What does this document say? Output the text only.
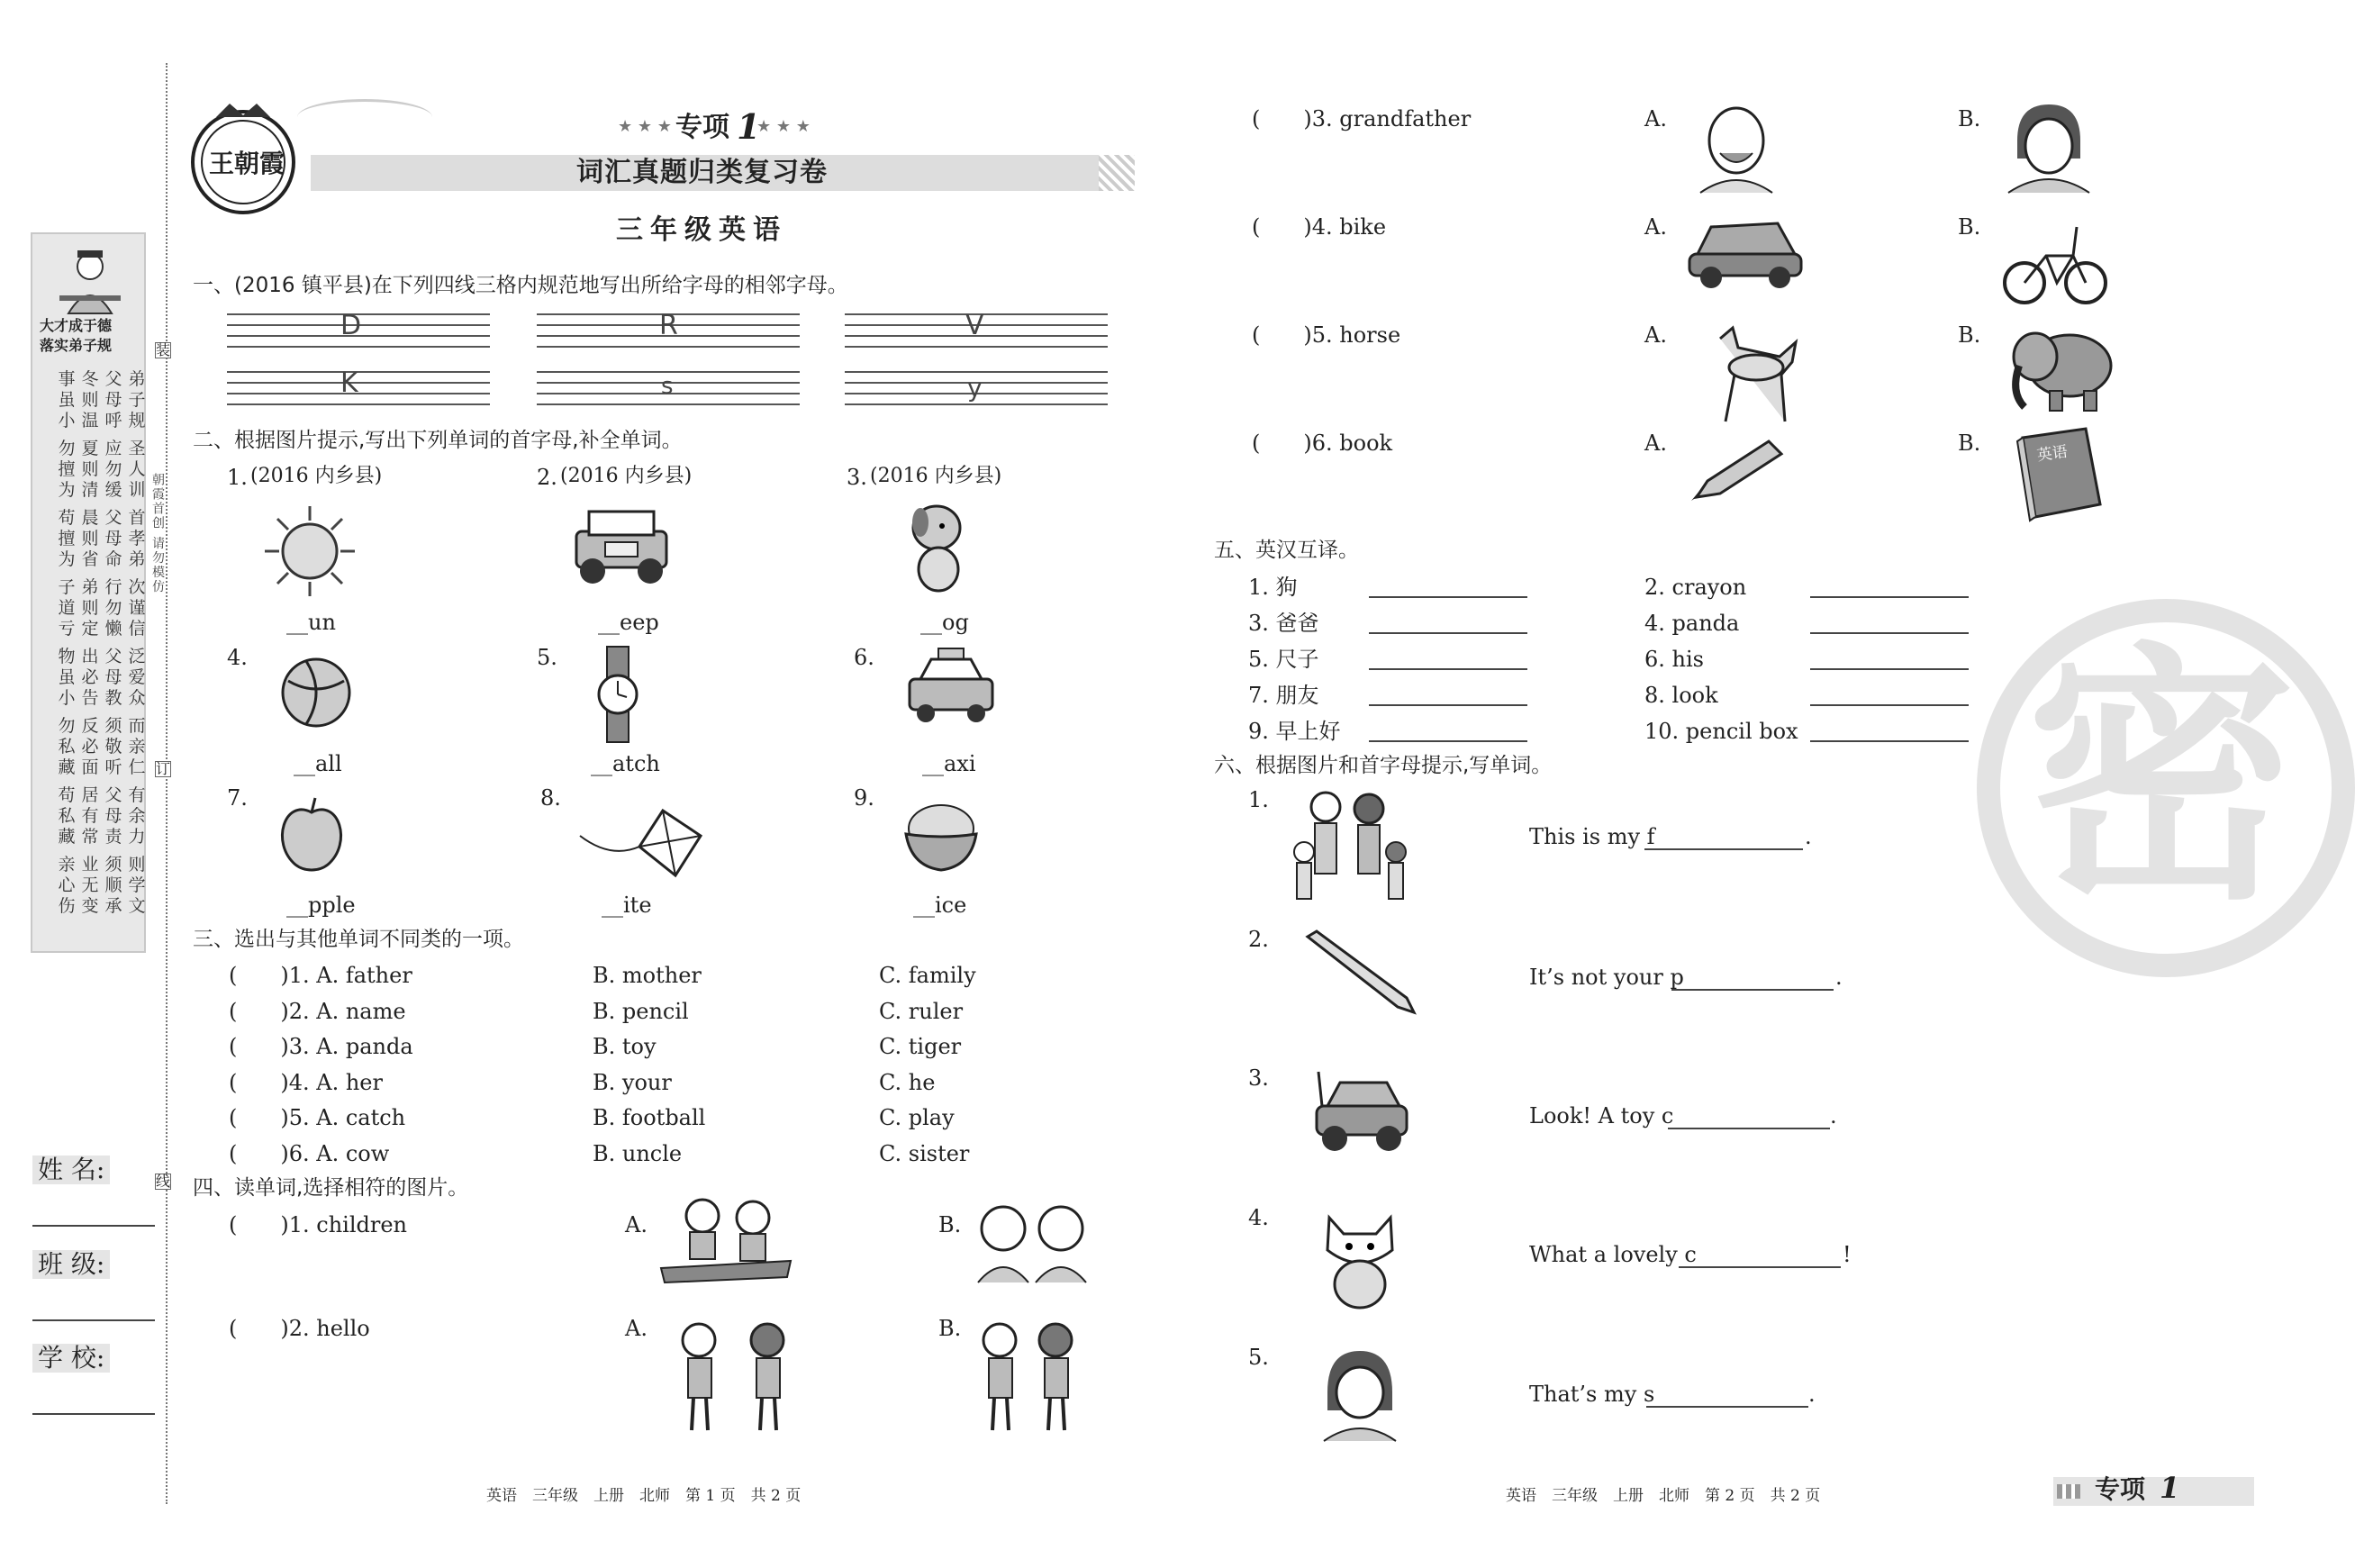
大才成于德
落实弟子规
事
虽
小
勿
擅
为
苟
擅
为
子
道
亏
物
虽
小
勿
私
藏
苟
私
藏
亲
心
伤
冬
则
温
夏
则
清
晨
则
省
弟
则
定
出
必
告
反
必
面
居
有
常
业
无
变
父
母
呼
应
勿
缓
父
母
命
行
勿
懒
父
母
教
须
敬
听
父
母
责
须
顺
承
弟
子
规
圣
人
训
首
孝
弟
次
谨
信
泛
爱
众
而
亲
仁
有
余
力
则
学
文
朝霞首创 请勿模仿
装
订
线
姓 名:
班 级:
学 校:
王朝霞
★ ★ ★ 专项 1
★ ★ ★
词汇真题归类复习卷
三年级英语
一、(2016 镇平县)在下列四线三格内规范地写出所给字母的相邻字母。
D	R	V
K	s	y
二、根据图片提示,写出下列单词的首字母,补全单词。
1. (2016 内乡县)	2. (2016 内乡县)	3. (2016 内乡县)
__un	__eep	__og
4.	5.	6.
__all	__atch	__axi
7.	8.	9.
__pple	__ite	__ice
三、选出与其他单词不同类的一项。
(　　)1. A. father	B. mother	C. family
(　　)2. A. name	B. pencil	C. ruler
(　　)3. A. panda	B. toy	C. tiger
(　　)4. A. her	B. your	C. he
(　　)5. A. catch	B. football	C. play
(　　)6. A. cow	B. uncle	C. sister
四、读单词,选择相符的图片。
(　　)1. children	A.	B.
(　　)2. hello	A.	B.
英语　三年级　上册　北师　第 1 页　共 2 页
(　　)3. grandfather	A.	B.
(　　)4. bike	A.	B.
(　　)5. horse	A.	B.
(　　)6. book	A.	B.	英语
五、英汉互译。
1. 狗	2. crayon
3. 爸爸	4. panda
5. 尺子	6. his
7. 朋友	8. look
9. 早上好	10. pencil box
六、根据图片和首字母提示,写单词。
1.
This is my f	.
2.
It’s not your p	.
3.
Look! A toy c	.
4.
What a lovely c	!
5.
That’s my s	.
密
英语　三年级　上册　北师　第 2 页　共 2 页	专项 1
